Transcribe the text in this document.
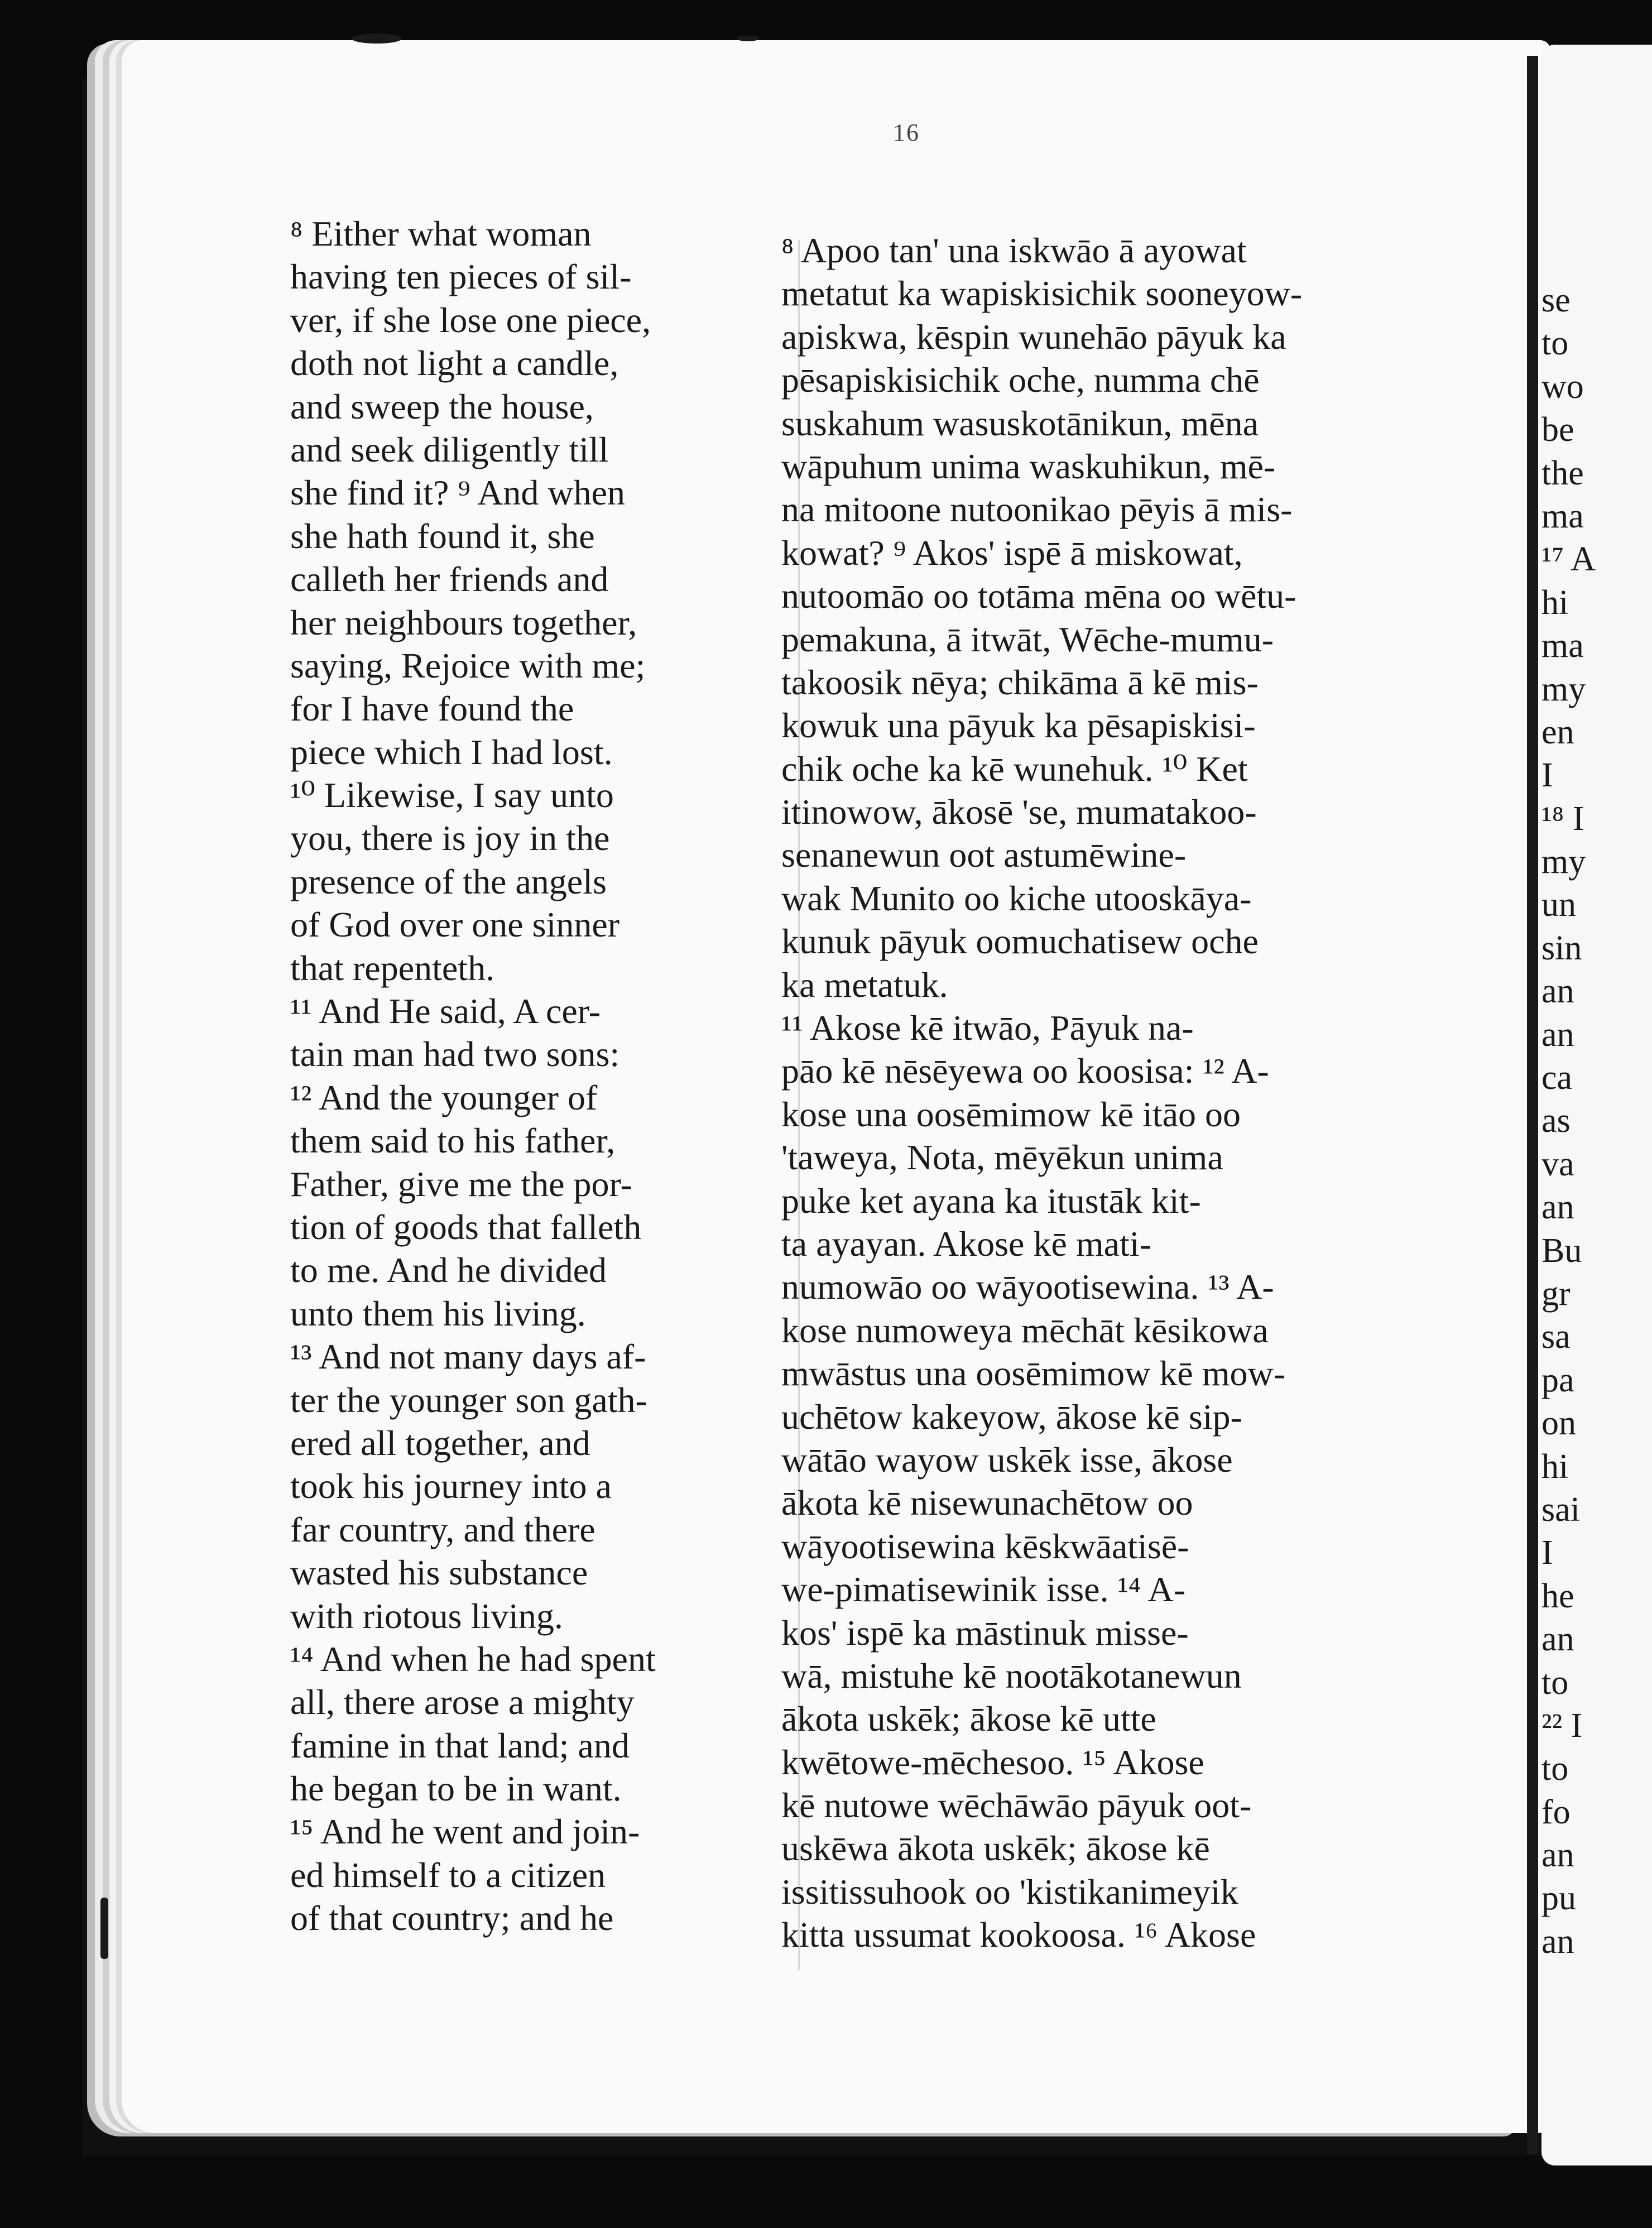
16
⁸ Either what woman
having ten pieces of sil-
ver, if she lose one piece,
doth not light a candle,
and sweep the house,
and seek diligently till
she find it? ⁹ And when
she hath found it, she
calleth her friends and
her neighbours together,
saying, Rejoice with me;
for I have found the
piece which I had lost.
¹⁰ Likewise, I say unto
you, there is joy in the
presence of the angels
of God over one sinner
that repenteth.
¹¹ And He said, A cer-
tain man had two sons:
¹² And the younger of
them said to his father,
Father, give me the por-
tion of goods that falleth
to me. And he divided
unto them his living.
¹³ And not many days af-
ter the younger son gath-
ered all together, and
took his journey into a
far country, and there
wasted his substance
with riotous living.
¹⁴ And when he had spent
all, there arose a mighty
famine in that land; and
he began to be in want.
¹⁵ And he went and join-
ed himself to a citizen
of that country; and he
⁸ Apoo tan' una iskwāo ā ayowat
metatut ka wapiskisichik sooneyow-
apiskwa, kēspin wunehāo pāyuk ka
pēsapiskisichik oche, numma chē
suskahum wasuskotānikun, mēna
wāpuhum unima waskuhikun, mē-
na mitoone nutoonikao pēyis ā mis-
kowat? ⁹ Akos' ispē ā miskowat,
nutoomāo oo totāma mēna oo wētu-
pemakuna, ā itwāt, Wēche-mumu-
takoosik nēya; chikāma ā kē mis-
kowuk una pāyuk ka pēsapiskisi-
chik oche ka kē wunehuk. ¹⁰ Ket
itinowow, ākosē 'se, mumatakoo-
senanewun oot astumēwine-
wak Munito oo kiche utooskāya-
kunuk pāyuk oomuchatisew oche
ka metatuk.
¹¹ Akose kē itwāo, Pāyuk na-
pāo kē nēsēyewa oo koosisa: ¹² A-
kose una oosēmimow kē itāo oo
'taweya, Nota, mēyēkun unima
puke ket ayana ka itustāk kit-
ta ayayan. Akose kē mati-
numowāo oo wāyootisewina. ¹³ A-
kose numoweya mēchāt kēsikowa
mwāstus una oosēmimow kē mow-
uchētow kakeyow, ākose kē sip-
wātāo wayow uskēk isse, ākose
ākota kē nisewunachētow oo
wāyootisewina kēskwāatisē-
we-pimatisewinik isse. ¹⁴ A-
kos' ispē ka māstinuk misse-
wā, mistuhe kē nootākotanewun
ākota uskēk; ākose kē utte
kwētowe-mēchesoo. ¹⁵ Akose
kē nutowe wēchāwāo pāyuk oot-
uskēwa ākota uskēk; ākose kē
issitissuhook oo 'kistikanimeyik
kitta ussumat kookoosa. ¹⁶ Akose
se
to
wo
be
the
ma
¹⁷ A
hi
ma
my
en
I
¹⁸ I
my
un
sin
an
an
ca
as
va
an
Bu
gr
sa
pa
on
hi
sai
I
he
an
to
²² I
to
fo
an
pu
an
